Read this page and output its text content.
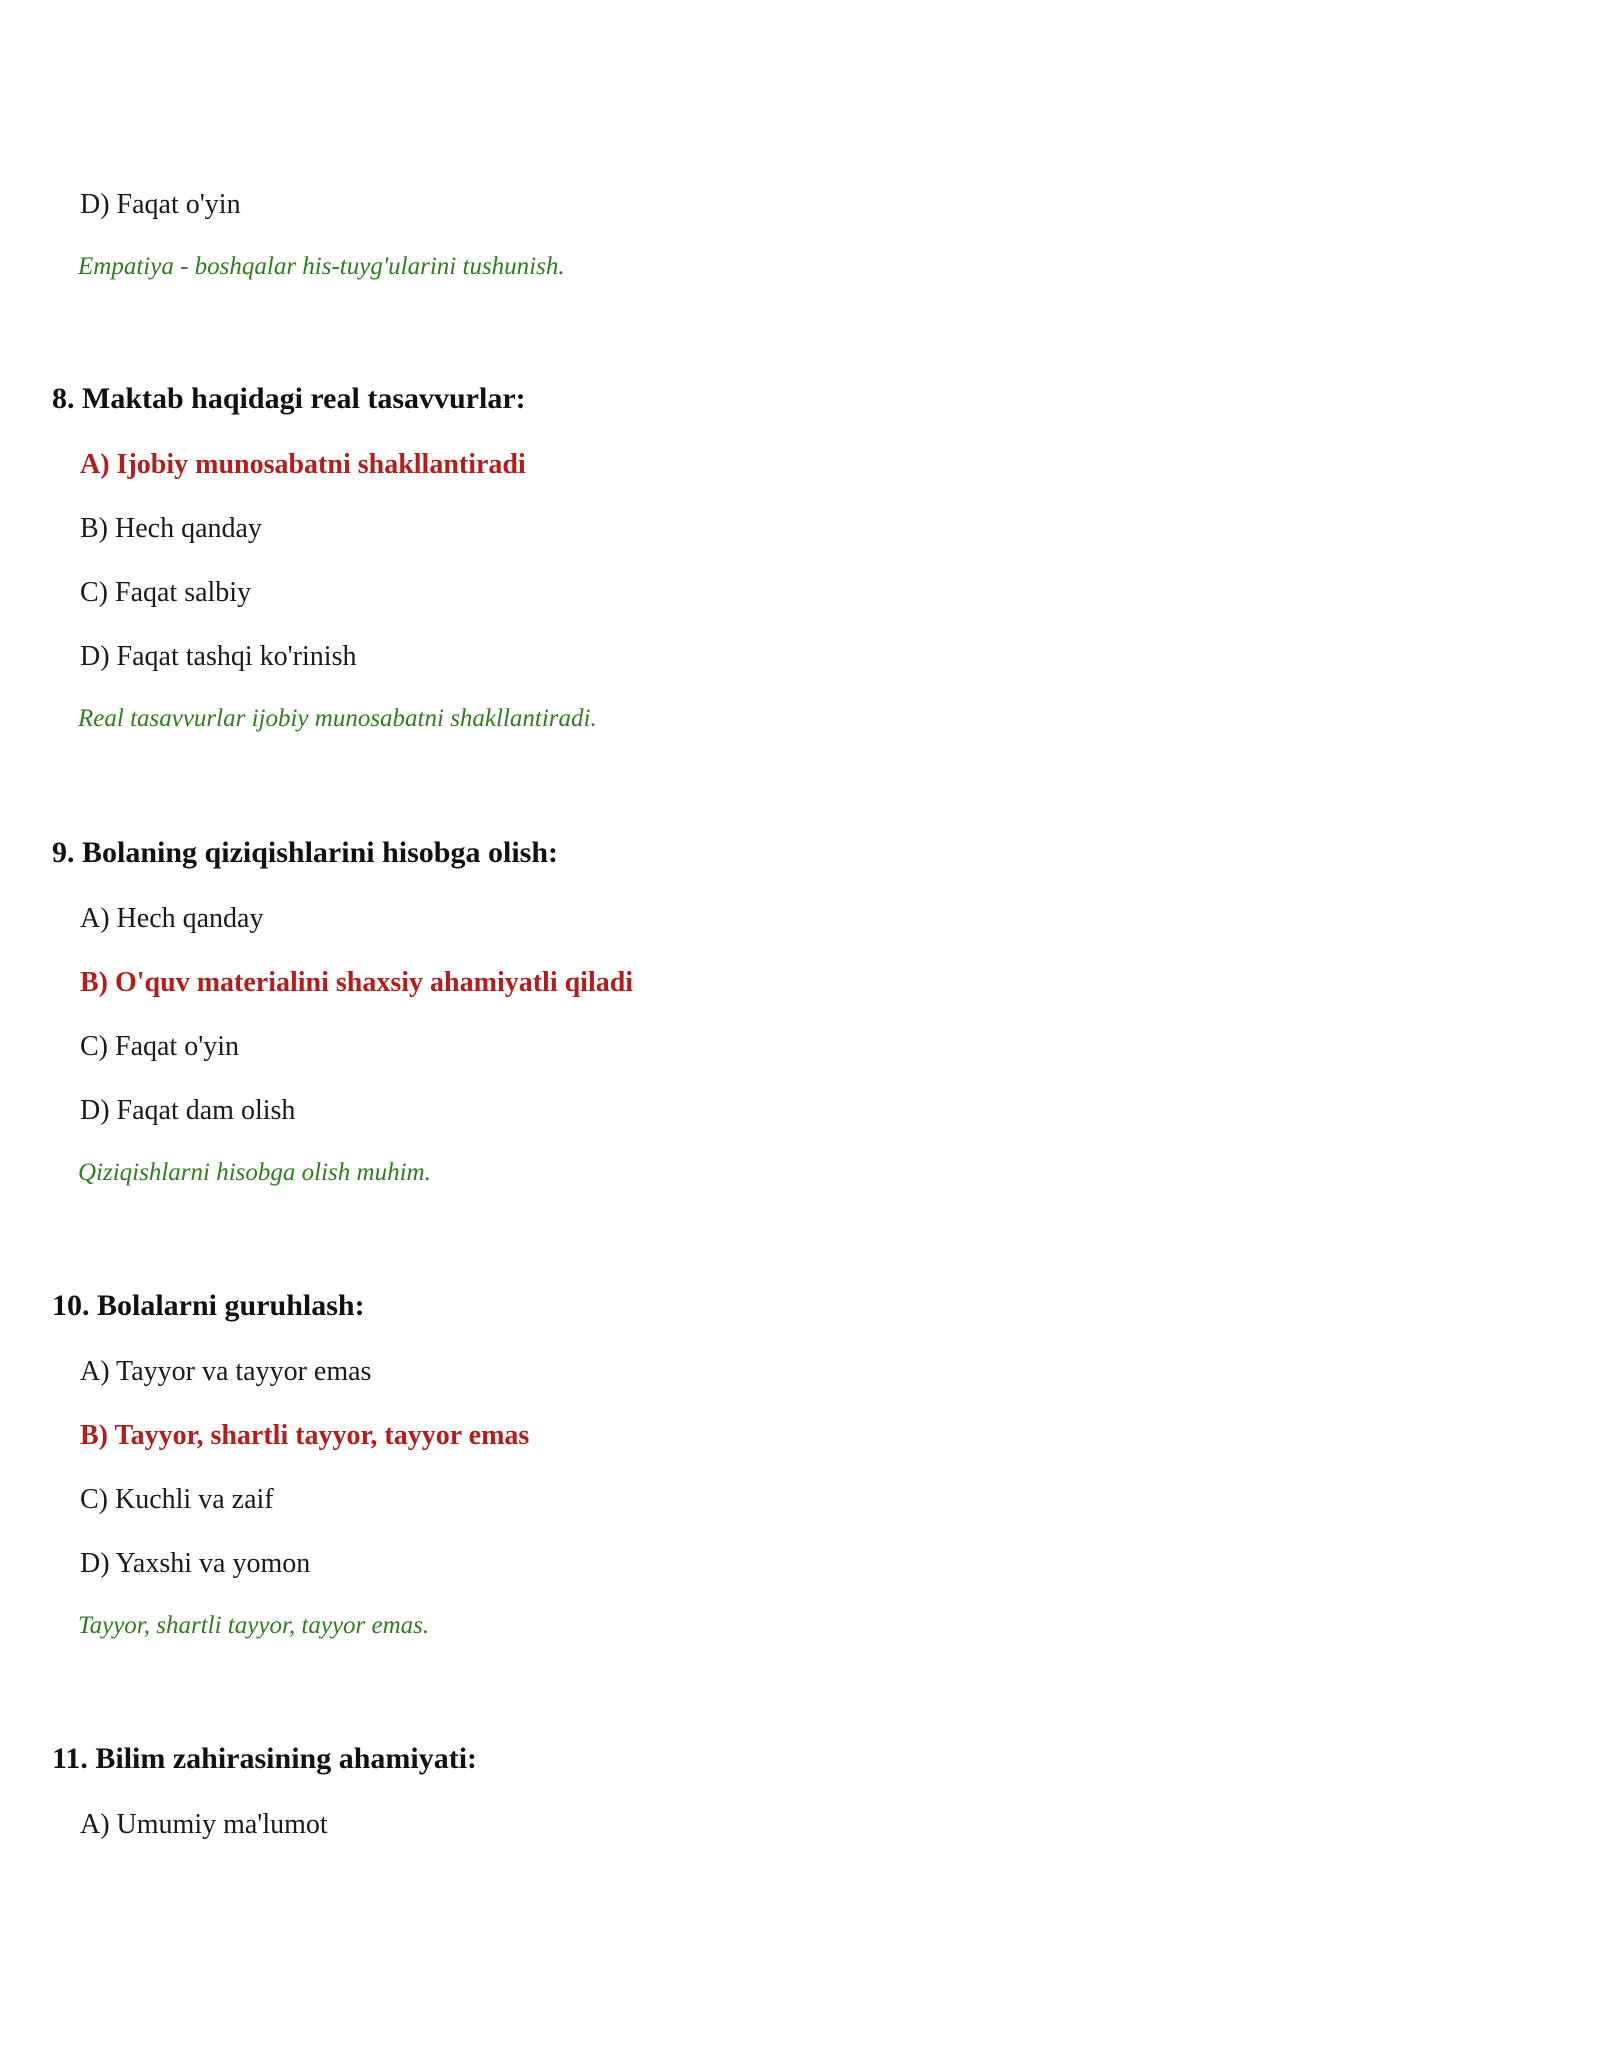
D) Faqat o'yin
Empatiya - boshqalar his-tuyg'ularini tushunish.
8. Maktab haqidagi real tasavvurlar:
A) Ijobiy munosabatni shakllantiradi
B) Hech qanday
C) Faqat salbiy
D) Faqat tashqi ko'rinish
Real tasavvurlar ijobiy munosabatni shakllantiradi.
9. Bolaning qiziqishlarini hisobga olish:
A) Hech qanday
B) O'quv materialini shaxsiy ahamiyatli qiladi
C) Faqat o'yin
D) Faqat dam olish
Qiziqishlarni hisobga olish muhim.
10. Bolalarni guruhlash:
A) Tayyor va tayyor emas
B) Tayyor, shartli tayyor, tayyor emas
C) Kuchli va zaif
D) Yaxshi va yomon
Tayyor, shartli tayyor, tayyor emas.
11. Bilim zahirasining ahamiyati:
A) Umumiy ma'lumot
